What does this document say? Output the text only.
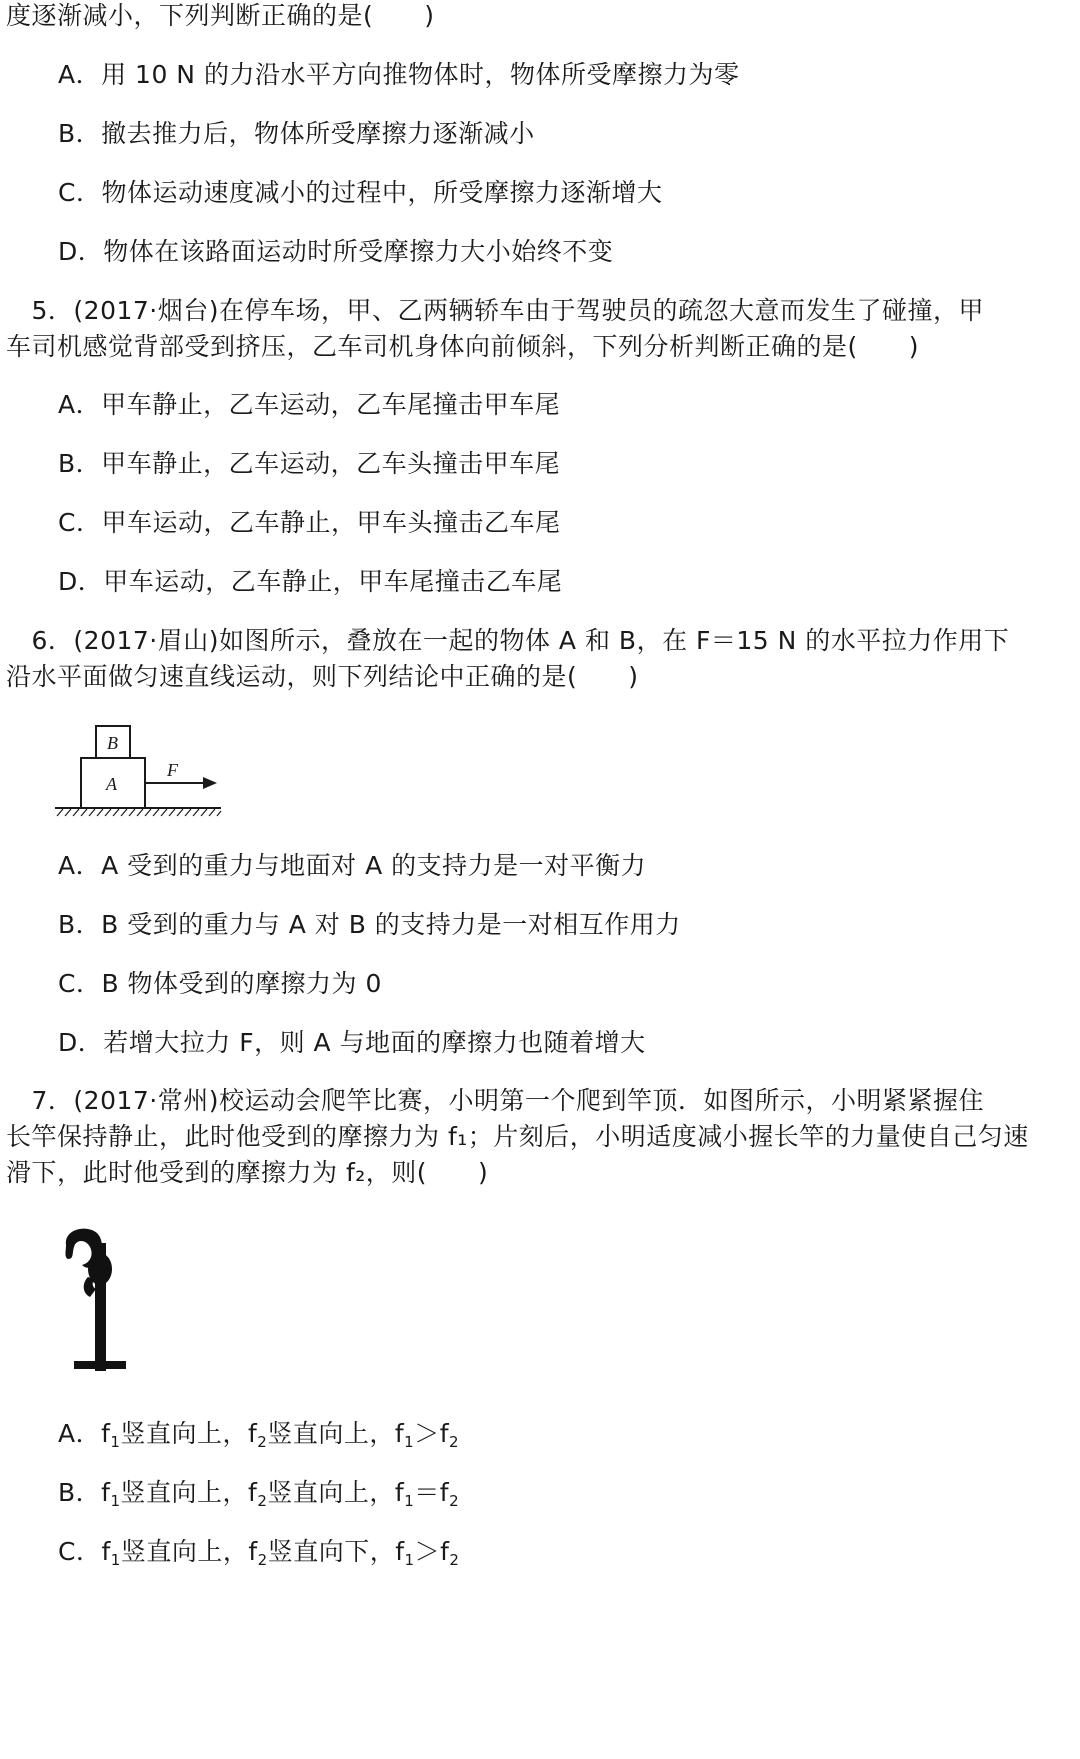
度逐渐减小，下列判断正确的是(　　)
A．用 10 N 的力沿水平方向推物体时，物体所受摩擦力为零
B．撤去推力后，物体所受摩擦力逐渐减小
C．物体运动速度减小的过程中，所受摩擦力逐渐增大
D．物体在该路面运动时所受摩擦力大小始终不变
　5．(2017·烟台)在停车场，甲、乙两辆轿车由于驾驶员的疏忽大意而发生了碰撞，甲
车司机感觉背部受到挤压，乙车司机身体向前倾斜，下列分析判断正确的是(　　)
A．甲车静止，乙车运动，乙车尾撞击甲车尾
B．甲车静止，乙车运动，乙车头撞击甲车尾
C．甲车运动，乙车静止，甲车头撞击乙车尾
D．甲车运动，乙车静止，甲车尾撞击乙车尾
　6．(2017·眉山)如图所示，叠放在一起的物体 A 和 B，在 F＝15 N 的水平拉力作用下
沿水平面做匀速直线运动，则下列结论中正确的是(　　)
B
A
F
A．A 受到的重力与地面对 A 的支持力是一对平衡力
B．B 受到的重力与 A 对 B 的支持力是一对相互作用力
C．B 物体受到的摩擦力为 0
D．若增大拉力 F，则 A 与地面的摩擦力也随着增大
　7．(2017·常州)校运动会爬竿比赛，小明第一个爬到竿顶．如图所示，小明紧紧握住
长竿保持静止，此时他受到的摩擦力为 f₁；片刻后，小明适度减小握长竿的力量使自己匀速
滑下，此时他受到的摩擦力为 f₂，则(　　)
A．$f_1$竖直向上，$f_2$竖直向上，$f_1>f_2$
B．$f_1$竖直向上，$f_2$竖直向上，$f_1=f_2$
C．$f_1$竖直向上，$f_2$竖直向下，$f_1>f_2$
